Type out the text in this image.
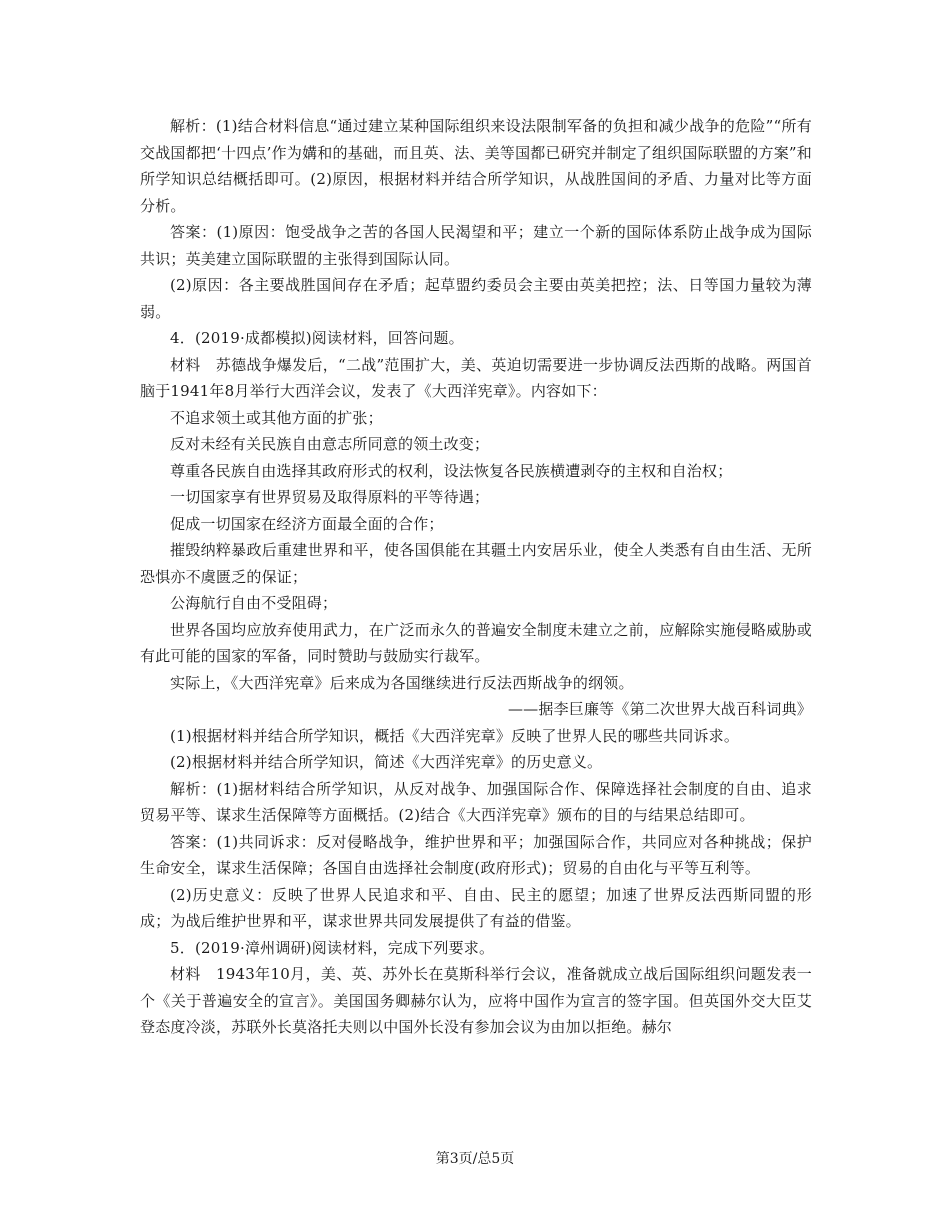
解析：(1)结合材料信息“通过建立某种国际组织来设法限制军备的负担和减少战争的危险”“所有交战国都把‘十四点’作为媾和的基础，而且英、法、美等国都已研究并制定了组织国际联盟的方案”和所学知识总结概括即可。(2)原因，根据材料并结合所学知识，从战胜国间的矛盾、力量对比等方面分析。

答案：(1)原因：饱受战争之苦的各国人民渴望和平；建立一个新的国际体系防止战争成为国际共识；英美建立国际联盟的主张得到国际认同。

(2)原因：各主要战胜国间存在矛盾；起草盟约委员会主要由英美把控；法、日等国力量较为薄弱。

4．(2019·成都模拟)阅读材料，回答问题。

材料　苏德战争爆发后，“二战”范围扩大，美、英迫切需要进一步协调反法西斯的战略。两国首脑于1941年8月举行大西洋会议，发表了《大西洋宪章》。内容如下：

不追求领土或其他方面的扩张；

反对未经有关民族自由意志所同意的领土改变；

尊重各民族自由选择其政府形式的权利，设法恢复各民族横遭剥夺的主权和自治权；

一切国家享有世界贸易及取得原料的平等待遇；

促成一切国家在经济方面最全面的合作；

摧毁纳粹暴政后重建世界和平，使各国俱能在其疆土内安居乐业，使全人类悉有自由生活、无所恐惧亦不虞匮乏的保证；

公海航行自由不受阻碍；

世界各国均应放弃使用武力，在广泛而永久的普遍安全制度未建立之前，应解除实施侵略威胁或有此可能的国家的军备，同时赞助与鼓励实行裁军。

实际上，《大西洋宪章》后来成为各国继续进行反法西斯战争的纲领。

——据李巨廉等《第二次世界大战百科词典》

(1)根据材料并结合所学知识，概括《大西洋宪章》反映了世界人民的哪些共同诉求。

(2)根据材料并结合所学知识，简述《大西洋宪章》的历史意义。

解析：(1)据材料结合所学知识，从反对战争、加强国际合作、保障选择社会制度的自由、追求贸易平等、谋求生活保障等方面概括。(2)结合《大西洋宪章》颁布的目的与结果总结即可。

答案：(1)共同诉求：反对侵略战争，维护世界和平；加强国际合作，共同应对各种挑战；保护生命安全，谋求生活保障；各国自由选择社会制度(政府形式)；贸易的自由化与平等互利等。

(2)历史意义：反映了世界人民追求和平、自由、民主的愿望；加速了世界反法西斯同盟的形成；为战后维护世界和平，谋求世界共同发展提供了有益的借鉴。

5．(2019·漳州调研)阅读材料，完成下列要求。

材料　1943年10月，美、英、苏外长在莫斯科举行会议，准备就成立战后国际组织问题发表一个《关于普遍安全的宣言》。美国国务卿赫尔认为，应将中国作为宣言的签字国。但英国外交大臣艾登态度冷淡，苏联外长莫洛托夫则以中国外长没有参加会议为由加以拒绝。赫尔

第3页/总5页
